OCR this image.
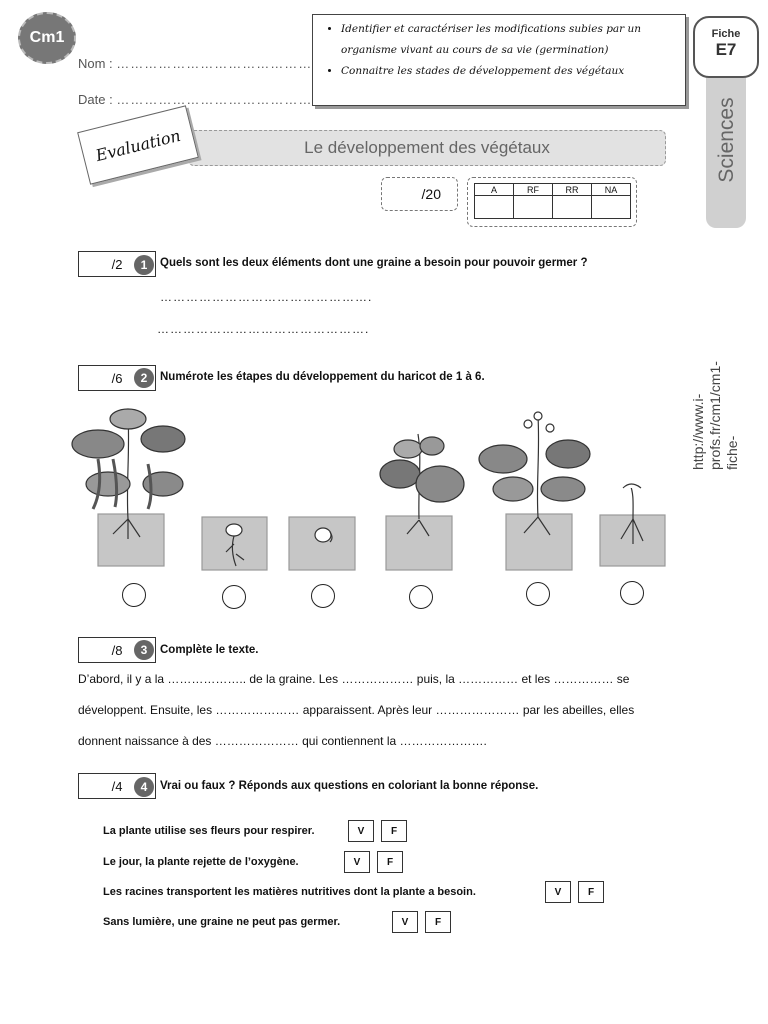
Cm1
Nom : ……………………………………
Date : ……………………………………
• Identifier et caractériser les modifications subies par un organisme vivant au cours de sa vie (germination)
• Connaitre les stades de développement des végétaux
Fiche
E7
Sciences
Evaluation	Le développement des végétaux
/20	A	RF	RR	NA

/2	1	Quels sont les deux éléments dont une graine a besoin pour pouvoir germer ?
………………………………………….
………………………………………….
/6	2	Numérote les étapes du développement du haricot de 1 à 6.
http://www.i-profs.fr/cm1/cm1-fiche-
/8	3	Complète le texte.
D’abord, il y a la ……………….. de la graine. Les ……………… puis, la …………… et les …………… se
développent. Ensuite, les ………………… apparaissent. Après leur ………………… par les abeilles, elles
donnent naissance à des ………………… qui contiennent la ………………….
/4	4	Vrai ou faux ? Réponds aux questions en coloriant la bonne réponse.
La plante utilise ses fleurs pour respirer.	V	F
Le jour, la plante rejette de l’oxygène.	V	F
Les racines transportent les matières nutritives dont la plante a besoin.	V	F
Sans lumière, une graine ne peut pas germer.	V	F
